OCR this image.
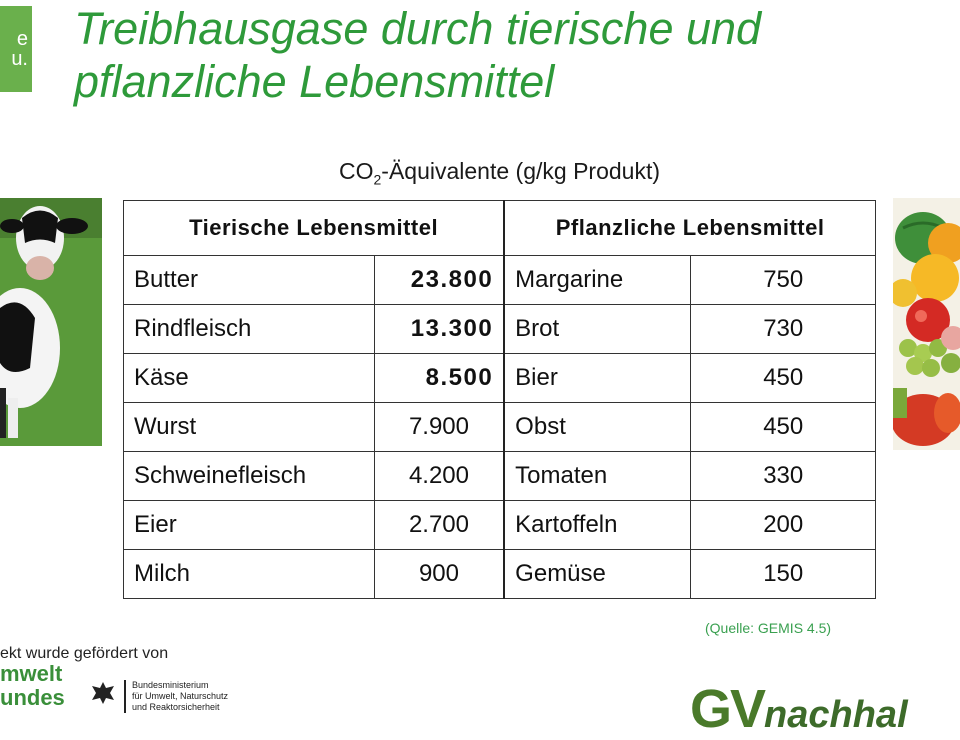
e
u.
Treibhausgase durch tierische und pflanzliche Lebensmittel
$CO_2$-Äquivalente (g/kg Produkt)
Tierische Lebensmittel		Pflanzliche Lebensmittel	
Butter	23.800	Margarine	750
Rindfleisch	13.300	Brot	730
Käse	8.500	Bier	450
Wurst	7.900	Obst	450
Schweinefleisch	4.200	Tomaten	330
Eier	2.700	Kartoffeln	200
Milch	900	Gemüse	150
(Quelle: GEMIS 4.5)
ekt wurde gefördert von
mwelt
undes	Bundesministerium
für Umwelt, Naturschutz
und Reaktorsicherheit	GVnachhal
